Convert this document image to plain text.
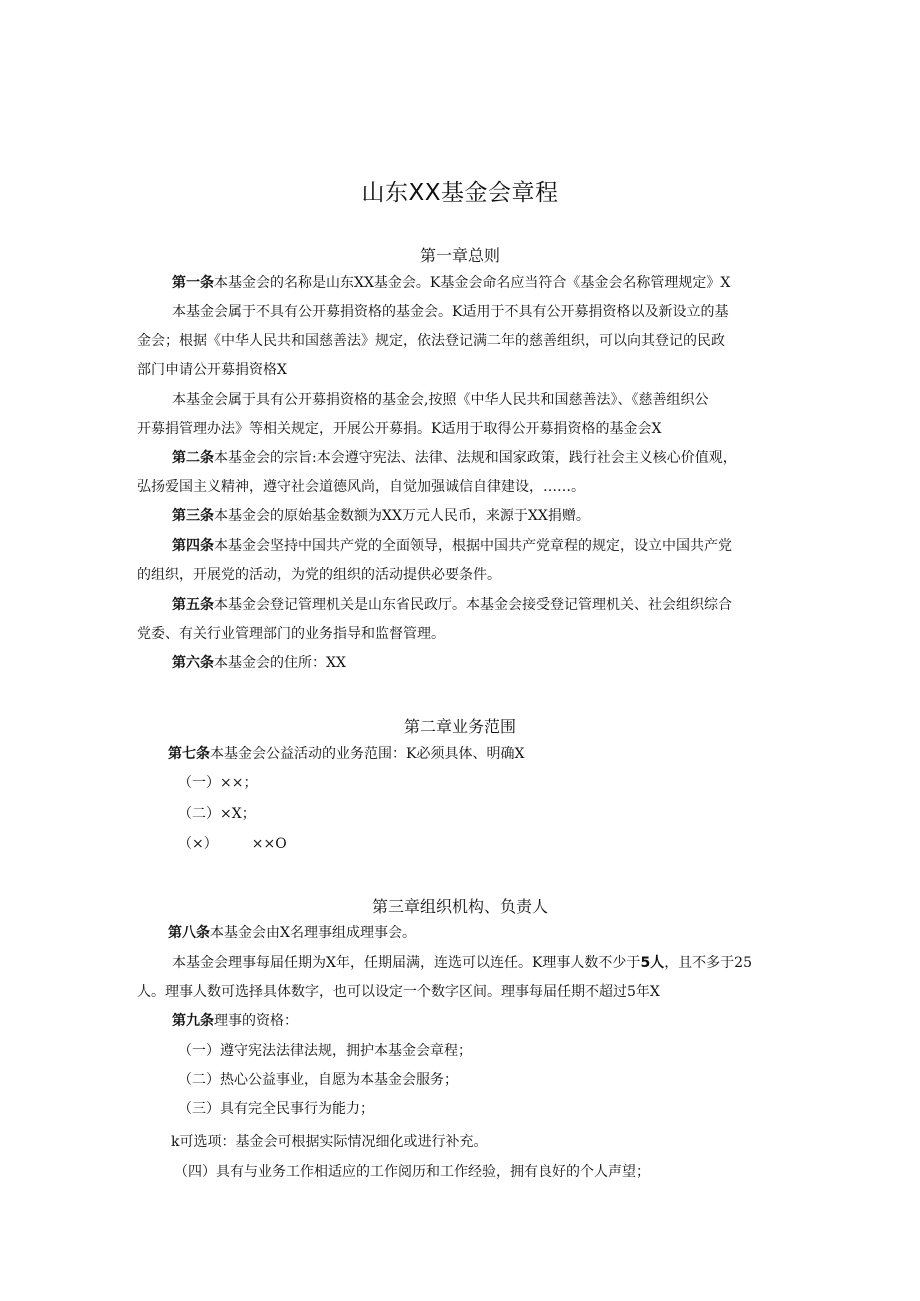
山东XX基金会章程
第一章总则

第一条本基金会的名称是山东XX基金会。K基金会命名应当符合《基金会名称管理规定》X

本基金会属于不具有公开募捐资格的基金会。K适用于不具有公开募捐资格以及新设立的基
金会；根据《中华人民共和国慈善法》规定，依法登记满二年的慈善组织，可以向其登记的民政
部门申请公开募捐资格X

本基金会属于具有公开募捐资格的基金会,按照《中华人民共和国慈善法》、《慈善组织公
开募捐管理办法》等相关规定，开展公开募捐。K适用于取得公开募捐资格的基金会X

第二条本基金会的宗旨:本会遵守宪法、法律、法规和国家政策，践行社会主义核心价值观，
弘扬爱国主义精神，遵守社会道德风尚，自觉加强诚信自律建设，……。

第三条本基金会的原始基金数额为XX万元人民币，来源于XX捐赠。

第四条本基金会坚持中国共产党的全面领导，根据中国共产党章程的规定，设立中国共产党
的组织，开展党的活动，为党的组织的活动提供必要条件。

第五条本基金会登记管理机关是山东省民政厅。本基金会接受登记管理机关、社会组织综合
党委、有关行业管理部门的业务指导和监督管理。

第六条本基金会的住所：XX

第二章业务范围

第七条本基金会公益活动的业务范围：K必须具体、明确X

（一）××；

（二）×X；

（×） ××O

第三章组织机构、负责人

第八条本基金会由X名理事组成理事会。

本基金会理事每届任期为X年，任期届满，连选可以连任。K理事人数不少于5人，且不多于25
人。理事人数可选择具体数字，也可以设定一个数字区间。理事每届任期不超过5年X

第九条理事的资格：

（一）遵守宪法法律法规，拥护本基金会章程；

（二）热心公益事业，自愿为本基金会服务；

（三）具有完全民事行为能力；

k可选项：基金会可根据实际情况细化或进行补充。

（四）具有与业务工作相适应的工作阅历和工作经验，拥有良好的个人声望；
